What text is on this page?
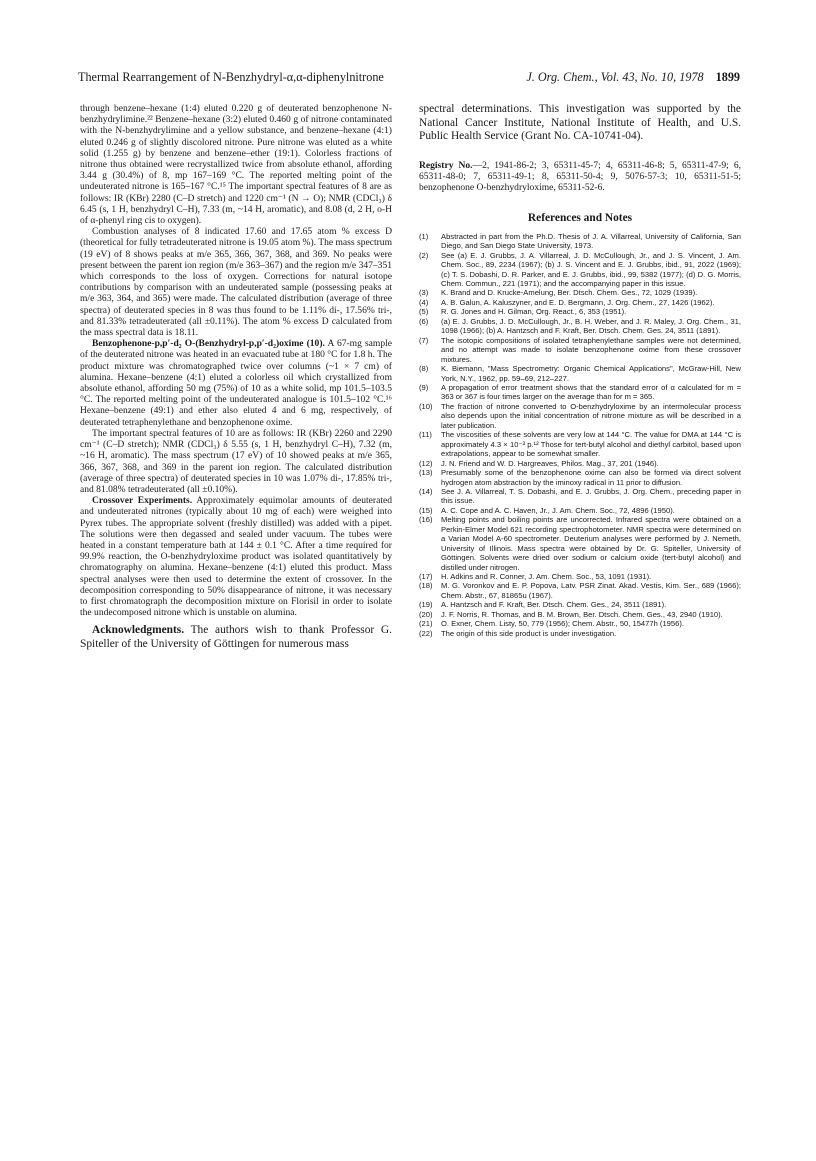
Thermal Rearrangement of N-Benzhydryl-α,α-diphenylnitrone	J. Org. Chem., Vol. 43, No. 10, 1978 1899

through benzene–hexane (1:4) eluted 0.220 g of deuterated benzophenone N-benzhydrylimine.²² Benzene–hexane (3:2) eluted 0.460 g of nitrone contaminated with the N-benzhydrylimine and a yellow substance, and benzene–hexane (4:1) eluted 0.246 g of slightly discolored nitrone. Pure nitrone was eluted as a white solid (1.255 g) by benzene and benzene–ether (19:1). Colorless fractions of nitrone thus obtained were recrystallized twice from absolute ethanol, affording 3.44 g (30.4%) of 8, mp 167–169 °C. The reported melting point of the undeuterated nitrone is 165–167 °C.¹⁵ The important spectral features of 8 are as follows: IR (KBr) 2280 (C–D stretch) and 1220 cm⁻¹ (N → O); NMR (CDCl₃) δ 6.45 (s, 1 H, benzhydryl C–H), 7.33 (m, ~14 H, aromatic), and 8.08 (d, 2 H, o-H of α-phenyl ring cis to oxygen).

Combustion analyses of 8 indicated 17.60 and 17.65 atom % excess D (theoretical for fully tetradeuterated nitrone is 19.05 atom %). The mass spectrum (19 eV) of 8 shows peaks at m/e 365, 366, 367, 368, and 369. No peaks were present between the parent ion region (m/e 363–367) and the region m/e 347–351 which corresponds to the loss of oxygen. Corrections for natural isotope contributions by comparison with an undeuterated sample (possessing peaks at m/e 363, 364, and 365) were made. The calculated distribution (average of three spectra) of deuterated species in 8 was thus found to be 1.11% di-, 17.56% tri-, and 81.33% tetradeuterated (all ±0.11%). The atom % excess D calculated from the mass spectral data is 18.11.

Benzophenone-p,p′-d₂ O-(Benzhydryl-p,p′-d₂)oxime (10). A 67-mg sample of the deuterated nitrone was heated in an evacuated tube at 180 °C for 1.8 h. The product mixture was chromatographed twice over columns (~1 × 7 cm) of alumina. Hexane–benzene (4:1) eluted a colorless oil which crystallized from absolute ethanol, affording 50 mg (75%) of 10 as a white solid, mp 101.5–103.5 °C. The reported melting point of the undeuterated analogue is 101.5–102 °C.¹⁶ Hexane–benzene (49:1) and ether also eluted 4 and 6 mg, respectively, of deuterated tetraphenylethane and benzophenone oxime.

The important spectral features of 10 are as follows: IR (KBr) 2260 and 2290 cm⁻¹ (C–D stretch); NMR (CDCl₃) δ 5.55 (s, 1 H, benzhydryl C–H), 7.32 (m, ~16 H, aromatic). The mass spectrum (17 eV) of 10 showed peaks at m/e 365, 366, 367, 368, and 369 in the parent ion region. The calculated distribution (average of three spectra) of deuterated species in 10 was 1.07% di-, 17.85% tri-, and 81.08% tetradeuterated (all ±0.10%).

Crossover Experiments. Approximately equimolar amounts of deuterated and undeuterated nitrones (typically about 10 mg of each) were weighed into Pyrex tubes. The appropriate solvent (freshly distilled) was added with a pipet. The solutions were then degassed and sealed under vacuum. The tubes were heated in a constant temperature bath at 144 ± 0.1 °C. After a time required for 99.9% reaction, the O-benzhydryloxime product was isolated quantitatively by chromatography on alumina. Hexane–benzene (4:1) eluted this product. Mass spectral analyses were then used to determine the extent of crossover. In the decomposition corresponding to 50% disappearance of nitrone, it was necessary to first chromatograph the decomposition mixture on Florisil in order to isolate the undecomposed nitrone which is unstable on alumina.

Acknowledgments. The authors wish to thank Professor G. Spiteller of the University of Göttingen for numerous mass

spectral determinations. This investigation was supported by the National Cancer Institute, National Institute of Health, and U.S. Public Health Service (Grant No. CA-10741-04).

Registry No.—2, 1941-86-2; 3, 65311-45-7; 4, 65311-46-8; 5, 65311-47-9; 6, 65311-48-0; 7, 65311-49-1; 8, 65311-50-4; 9, 5076-57-3; 10, 65311-51-5; benzophenone O-benzhydryloxime, 65311-52-6.
References and Notes
(1)	Abstracted in part from the Ph.D. Thesis of J. A. Villarreal, University of California, San Diego, and San Diego State University, 1973.
(2)	See (a) E. J. Grubbs, J. A. Villarreal, J. D. McCullough, Jr., and J. S. Vincent, J. Am. Chem. Soc., 89, 2234 (1967); (b) J. S. Vincent and E. J. Grubbs, ibid., 91, 2022 (1969); (c) T. S. Dobashi, D. R. Parker, and E. J. Grubbs, ibid., 99, 5382 (1977); (d) D. G. Morris, Chem. Commun., 221 (1971); and the accompanying paper in this issue.
(3)	K. Brand and D. Krucke-Amelung, Ber. Dtsch. Chem. Ges., 72, 1029 (1939).
(4)	A. B. Galun, A. Kaluszyner, and E. D. Bergmann, J. Org. Chem., 27, 1426 (1962).
(5)	R. G. Jones and H. Gilman, Org. React., 6, 353 (1951).
(6)	(a) E. J. Grubbs, J. D. McCullough, Jr., B. H. Weber, and J. R. Maley, J. Org. Chem., 31, 1098 (1966); (b) A. Hantzsch and F. Kraft, Ber. Dtsch. Chem. Ges. 24, 3511 (1891).
(7)	The isotopic compositions of isolated tetraphenylethane samples were not determined, and no attempt was made to isolate benzophenone oxime from these crossover mixtures.
(8)	K. Biemann, "Mass Spectrometry: Organic Chemical Applications", McGraw-Hill, New York, N.Y., 1962, pp. 59–69, 212–227.
(9)	A propagation of error treatment shows that the standard error of α calculated for m = 363 or 367 is four times larger on the average than for m = 365.
(10)	The fraction of nitrone converted to O-benzhydryloxime by an intermolecular process also depends upon the initial concentration of nitrone mixture as will be described in a later publication.
(11)	The viscosities of these solvents are very low at 144 °C. The value for DMA at 144 °C is approximately 4.3 × 10⁻³ p.¹² Those for tert-butyl alcohol and diethyl carbitol, based upon extrapolations, appear to be somewhat smaller.
(12)	J. N. Friend and W. D. Hargreaves, Philos. Mag., 37, 201 (1946).
(13)	Presumably some of the benzophenone oxime can also be formed via direct solvent hydrogen atom abstraction by the iminoxy radical in 11 prior to diffusion.
(14)	See J. A. Villarreal, T. S. Dobashi, and E. J. Grubbs, J. Org. Chem., preceding paper in this issue.
(15)	A. C. Cope and A. C. Haven, Jr., J. Am. Chem. Soc., 72, 4896 (1950).
(16)	Melting points and boiling points are uncorrected. Infrared spectra were obtained on a Perkin-Elmer Model 621 recording spectrophotometer. NMR spectra were determined on a Varian Model A-60 spectrometer. Deuterium analyses were performed by J. Nemeth, University of Illinois. Mass spectra were obtained by Dr. G. Spiteller, University of Göttingen. Solvents were dried over sodium or calcium oxide (tert-butyl alcohol) and distilled under nitrogen.
(17)	H. Adkins and R. Conner, J. Am. Chem. Soc., 53, 1091 (1931).
(18)	M. G. Voronkov and E. P. Popova, Latv. PSR Zinat. Akad. Vestis, Kim. Ser., 689 (1966); Chem. Abstr., 67, 81865u (1967).
(19)	A. Hantzsch and F. Kraft, Ber. Dtsch. Chem. Ges., 24, 3511 (1891).
(20)	J. F. Norris, R. Thomas, and B. M. Brown, Ber. Dtsch. Chem. Ges., 43, 2940 (1910).
(21)	O. Exner, Chem. Listy, 50, 779 (1956); Chem. Abstr., 50, 15477h (1956).
(22)	The origin of this side product is under investigation.
